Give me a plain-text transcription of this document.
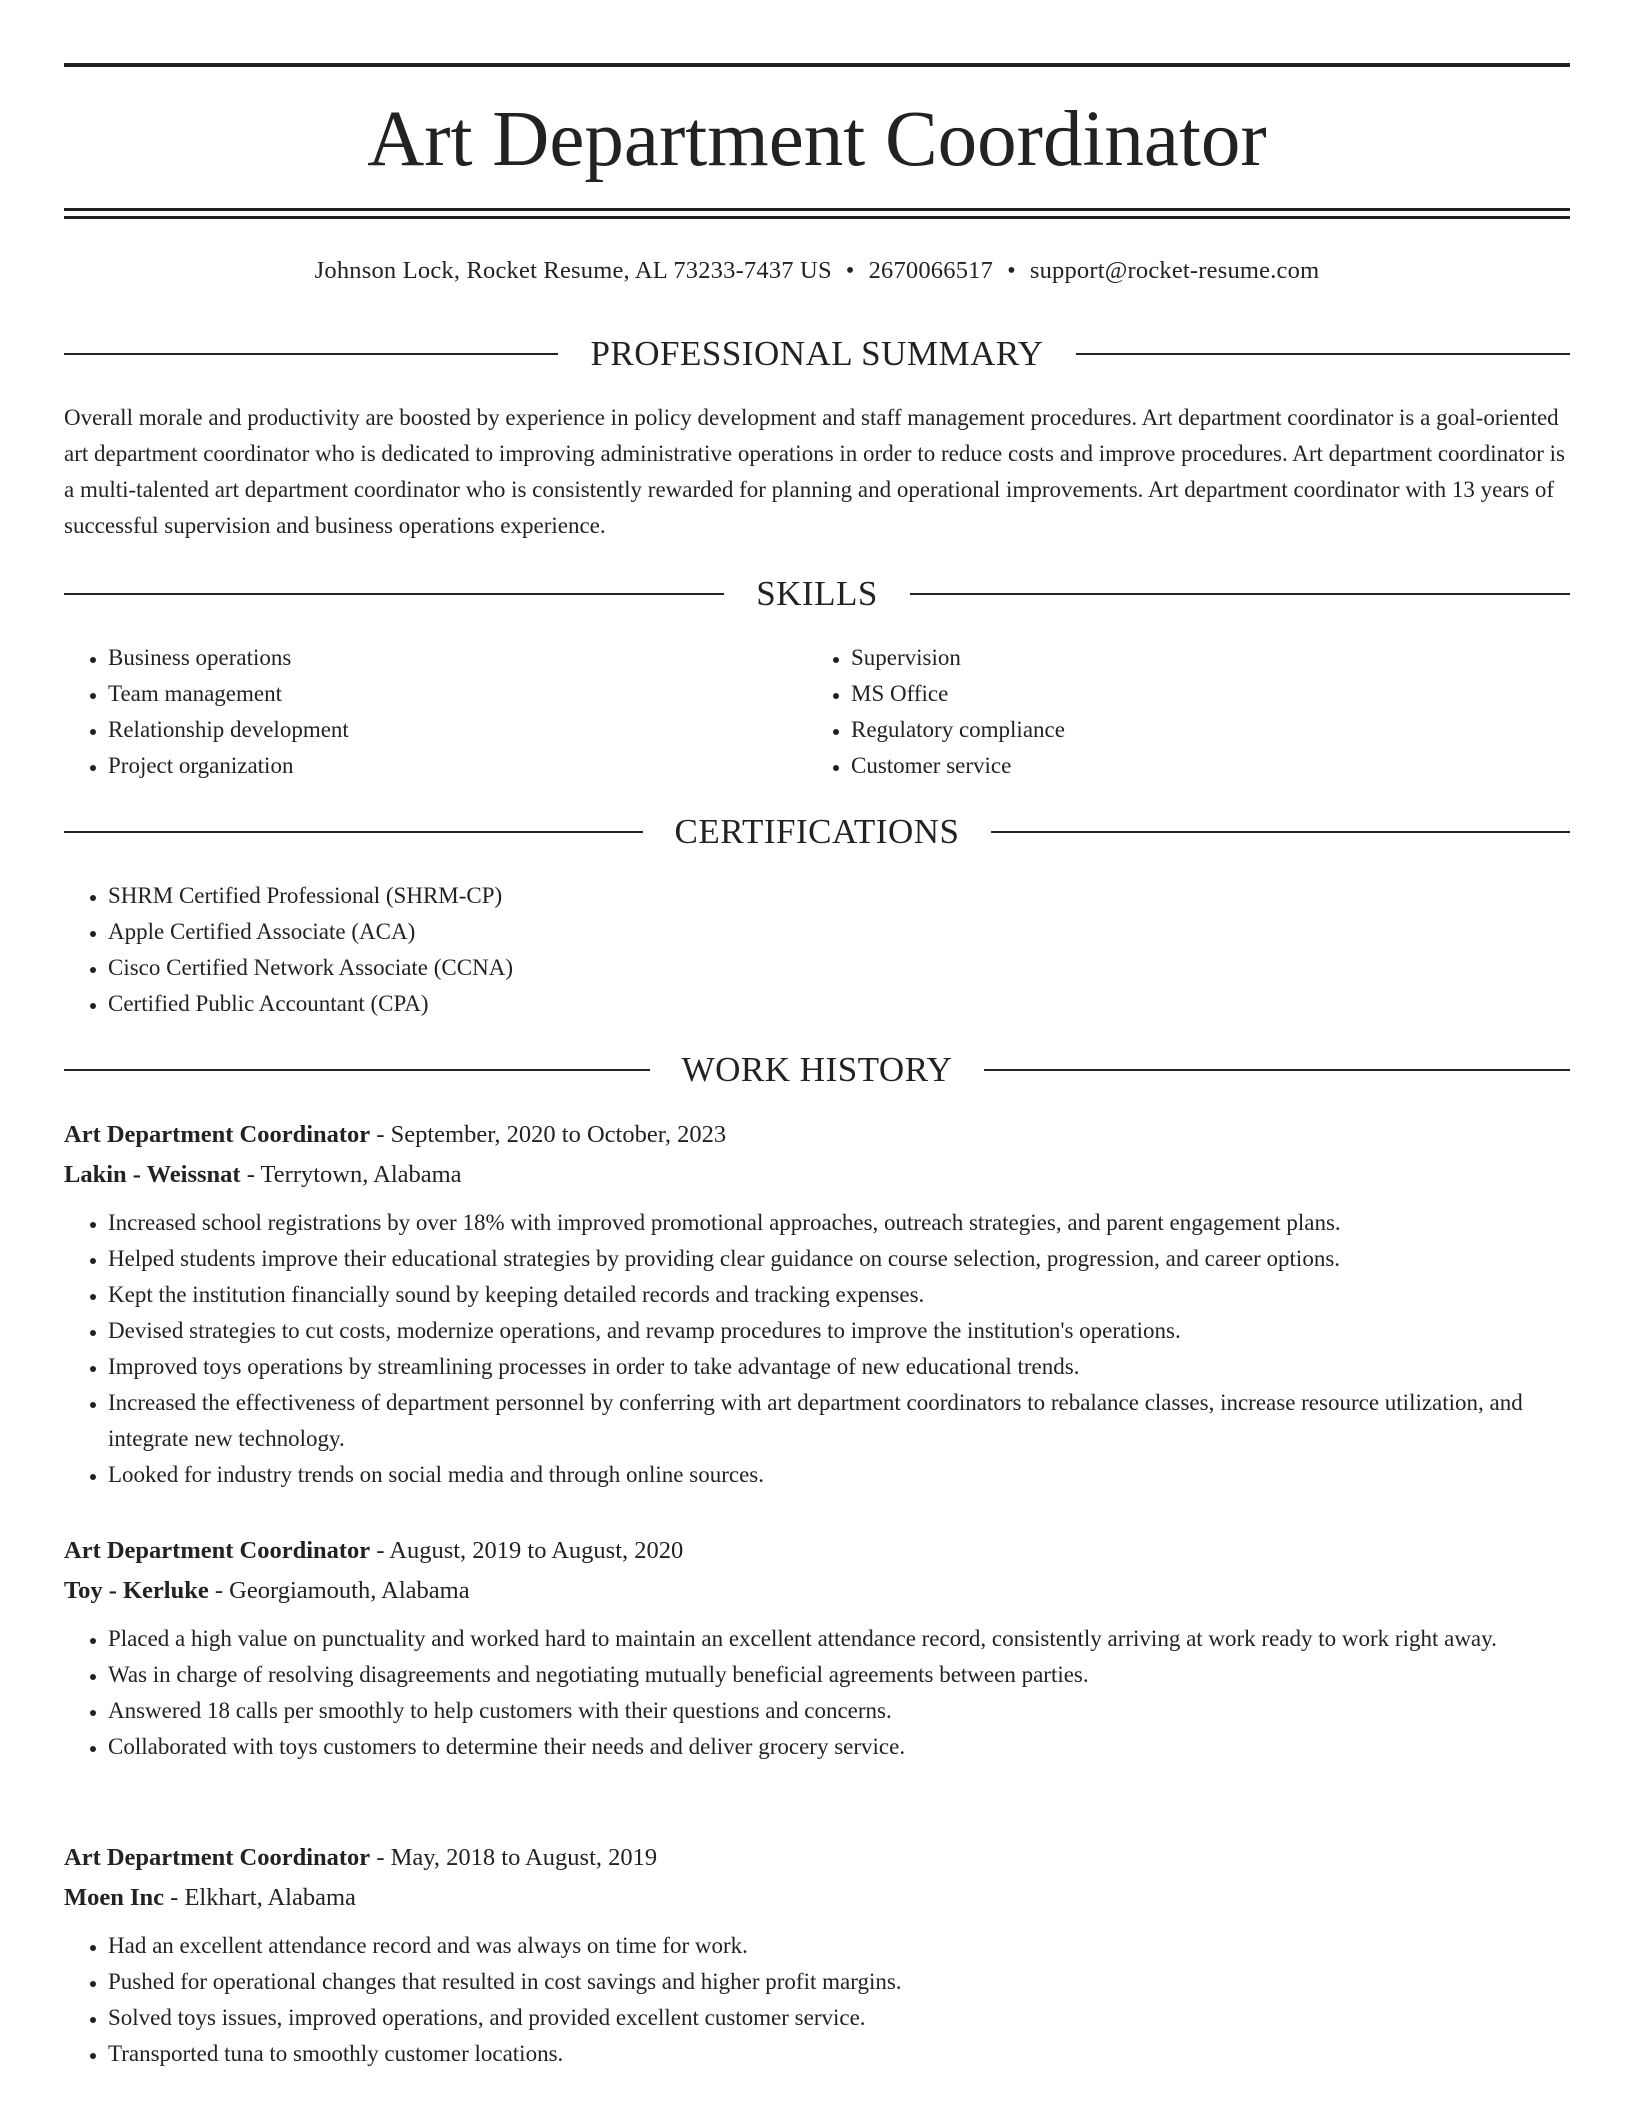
Art Department Coordinator
Johnson Lock, Rocket Resume, AL 73233-7437 US • 2670066517 • support@rocket-resume.com
PROFESSIONAL SUMMARY

Overall morale and productivity are boosted by experience in policy development and staff management procedures. Art department coordinator is a goal-oriented art department coordinator who is dedicated to improving administrative operations in order to reduce costs and improve procedures. Art department coordinator is a multi-talented art department coordinator who is consistently rewarded for planning and operational improvements. Art department coordinator with 13 years of successful supervision and business operations experience.

SKILLS
• Business operations
• Team management
• Relationship development
• Project organization
• Supervision
• MS Office
• Regulatory compliance
• Customer service
CERTIFICATIONS
• SHRM Certified Professional (SHRM-CP)
• Apple Certified Associate (ACA)
• Cisco Certified Network Associate (CCNA)
• Certified Public Accountant (CPA)
WORK HISTORY
Art Department Coordinator - September, 2020 to October, 2023
Lakin - Weissnat - Terrytown, Alabama
• Increased school registrations by over 18% with improved promotional approaches, outreach strategies, and parent engagement plans.
• Helped students improve their educational strategies by providing clear guidance on course selection, progression, and career options.
• Kept the institution financially sound by keeping detailed records and tracking expenses.
• Devised strategies to cut costs, modernize operations, and revamp procedures to improve the institution's operations.
• Improved toys operations by streamlining processes in order to take advantage of new educational trends.
• Increased the effectiveness of department personnel by conferring with art department coordinators to rebalance classes, increase resource utilization, and integrate new technology.
• Looked for industry trends on social media and through online sources.
Art Department Coordinator - August, 2019 to August, 2020
Toy - Kerluke - Georgiamouth, Alabama
• Placed a high value on punctuality and worked hard to maintain an excellent attendance record, consistently arriving at work ready to work right away.
• Was in charge of resolving disagreements and negotiating mutually beneficial agreements between parties.
• Answered 18 calls per smoothly to help customers with their questions and concerns.
• Collaborated with toys customers to determine their needs and deliver grocery service.
Art Department Coordinator - May, 2018 to August, 2019
Moen Inc - Elkhart, Alabama
• Had an excellent attendance record and was always on time for work.
• Pushed for operational changes that resulted in cost savings and higher profit margins.
• Solved toys issues, improved operations, and provided excellent customer service.
• Transported tuna to smoothly customer locations.
